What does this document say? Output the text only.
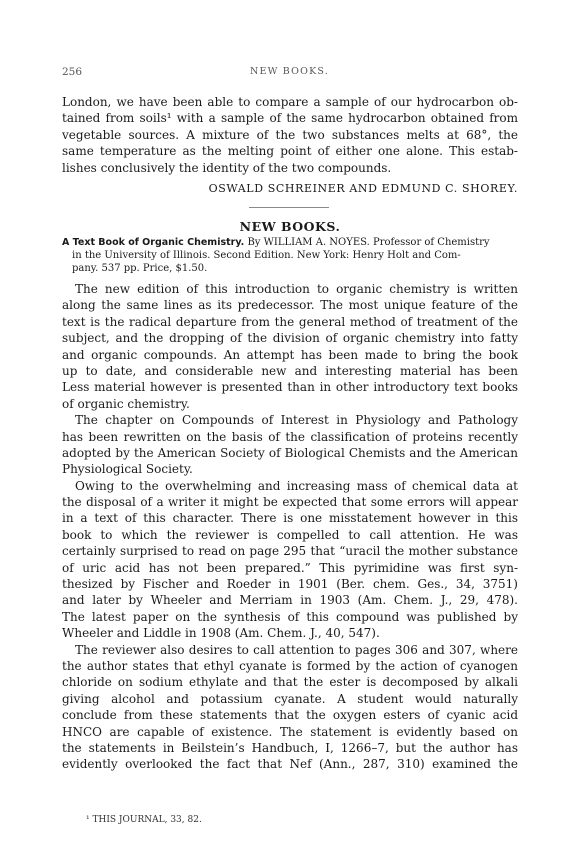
256	NEW BOOKS.
London, we have been able to compare a sample of our hydrocarbon ob-
tained from soils¹ with a sample of the same hydrocarbon obtained from
vegetable sources. A mixture of the two substances melts at 68°, the
same temperature as the melting point of either one alone. This estab-
lishes conclusively the identity of the two compounds.
OSWALD SCHREINER AND EDMUND C. SHOREY.
NEW BOOKS.
A Text Book of Organic Chemistry. By WILLIAM A. NOYES. Professor of Chemistry
in the University of Illinois. Second Edition. New York: Henry Holt and Com-
pany. 537 pp. Price, $1.50.
The new edition of this introduction to organic chemistry is written
along the same lines as its predecessor. The most unique feature of the
text is the radical departure from the general method of treatment of the
subject, and the dropping of the division of organic chemistry into fatty
and organic compounds. An attempt has been made to bring the book
up to date, and considerable new and interesting material has been
Less material however is presented than in other introductory text books
of organic chemistry.
The chapter on Compounds of Interest in Physiology and Pathology
has been rewritten on the basis of the classification of proteins recently
adopted by the American Society of Biological Chemists and the American
Physiological Society.
Owing to the overwhelming and increasing mass of chemical data at
the disposal of a writer it might be expected that some errors will appear
in a text of this character. There is one misstatement however in this
book to which the reviewer is compelled to call attention. He was
certainly surprised to read on page 295 that “uracil the mother substance
of uric acid has not been prepared.” This pyrimidine was first syn-
thesized by Fischer and Roeder in 1901 (Ber. chem. Ges., 34, 3751)
and later by Wheeler and Merriam in 1903 (Am. Chem. J., 29, 478).
The latest paper on the synthesis of this compound was published by
Wheeler and Liddle in 1908 (Am. Chem. J., 40, 547).
The reviewer also desires to call attention to pages 306 and 307, where
the author states that ethyl cyanate is formed by the action of cyanogen
chloride on sodium ethylate and that the ester is decomposed by alkali
giving alcohol and potassium cyanate. A student would naturally
conclude from these statements that the oxygen esters of cyanic acid
HNCO are capable of existence. The statement is evidently based on
the statements in Beilstein’s Handbuch, I, 1266–7, but the author has
evidently overlooked the fact that Nef (Ann., 287, 310) examined the
¹ THIS JOURNAL, 33, 82.
